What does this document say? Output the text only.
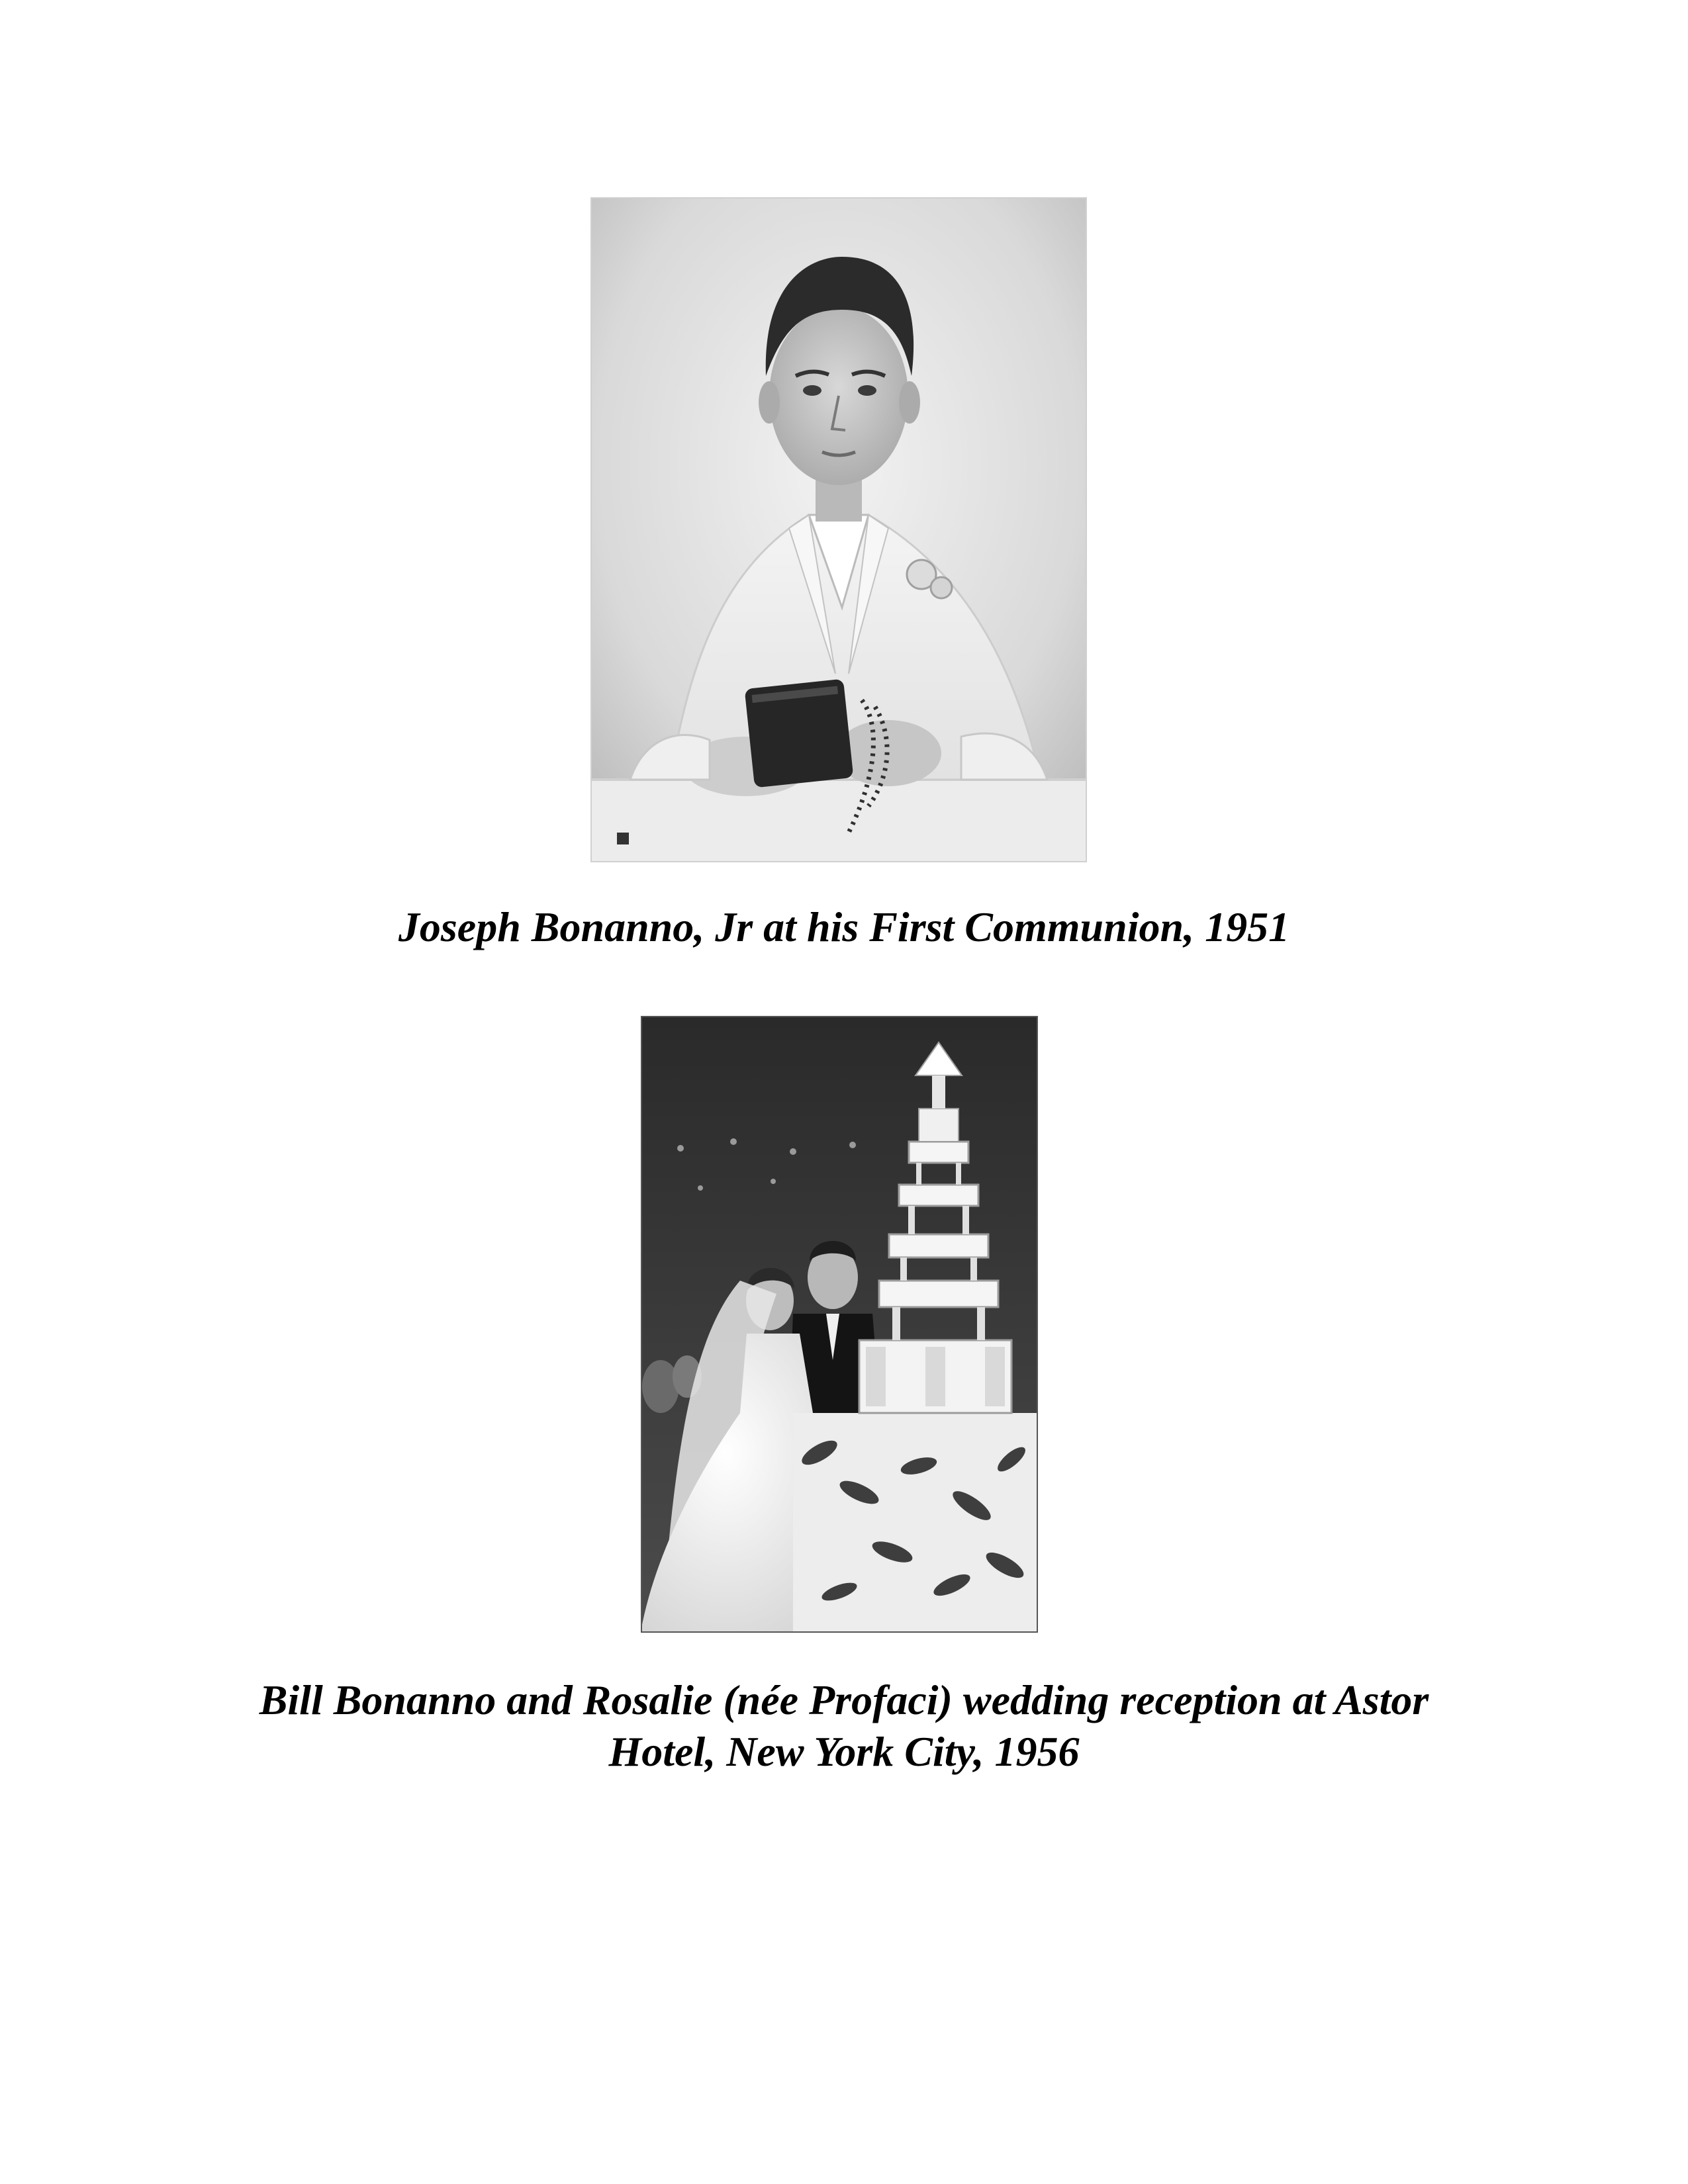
Joseph Bonanno, Jr at his First Communion, 1951

Bill Bonanno and Rosalie (née Profaci) wedding reception at Astor
Hotel, New York City, 1956
